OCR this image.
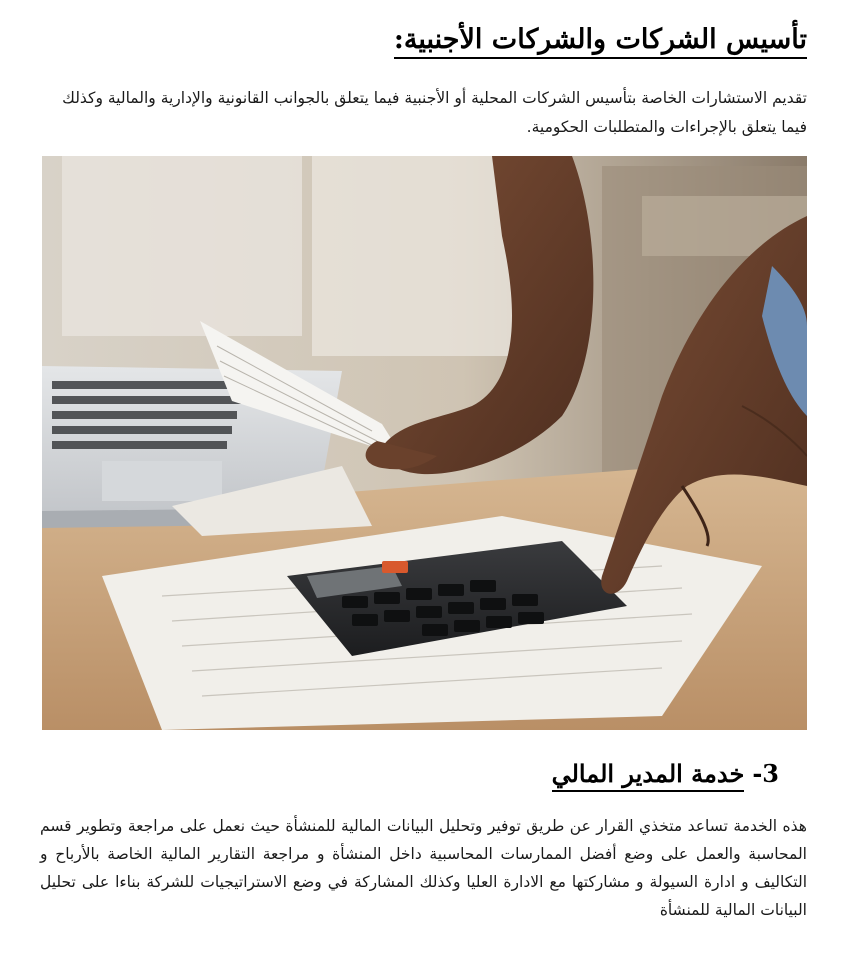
تأسيس الشركات والشركات الأجنبية:

تقديم الاستشارات الخاصة بتأسيس الشركات المحلية أو الأجنبية فيما يتعلق بالجوانب القانونية والإدارية والمالية وكذلك فيما يتعلق بالإجراءات والمتطلبات الحكومية.

3-خدمة المدير المالي

هذه الخدمة تساعد متخذي القرار عن طريق توفير وتحليل البيانات المالية للمنشأة حيث نعمل على مراجعة وتطوير قسم المحاسبة والعمل على وضع أفضل الممارسات المحاسبية داخل المنشأة و مراجعة التقارير المالية الخاصة بالأرباح و التكاليف و ادارة السيولة و مشاركتها مع الادارة العليا وكذلك المشاركة في وضع الاستراتيجيات للشركة بناءا على تحليل البيانات المالية للمنشأة
